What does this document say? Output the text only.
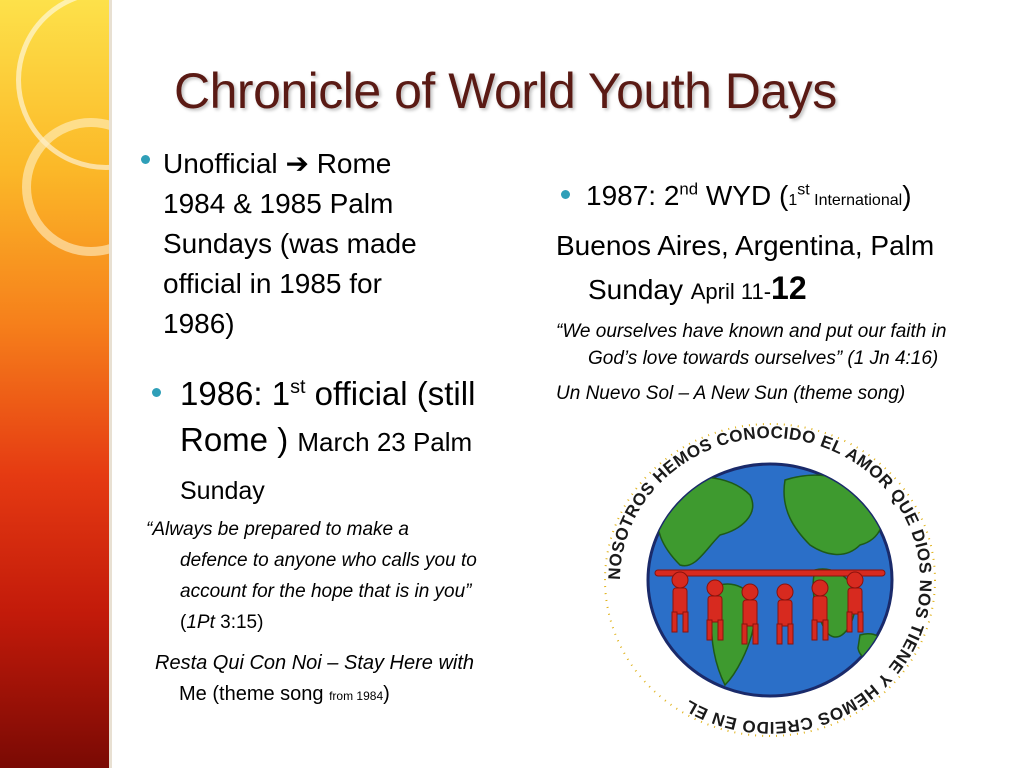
Chronicle of World Youth Days
Unofficial ➔ Rome
1984 & 1985 Palm
Sundays (was made
official in 1985 for
1986)
1986: 1st official (still
Rome ) March 23 Palm
Sunday
“Always be prepared to make a
defence to anyone who calls you to
account for the hope that is in you”
(1Pt 3:15)
Resta Qui Con Noi – Stay Here with
Me (theme song from 1984)
1987: 2nd WYD (1st International)
Buenos Aires, Argentina, Palm
Sunday April 11-12
“We ourselves have known and put our faith in
God’s love towards ourselves” (1 Jn 4:16)
Un Nuevo Sol – A New Sun (theme song)
NOSOTROS HEMOS CONOCIDO EL AMOR QUE DIOS NOS TIENE Y HEMOS CREIDO EN EL
